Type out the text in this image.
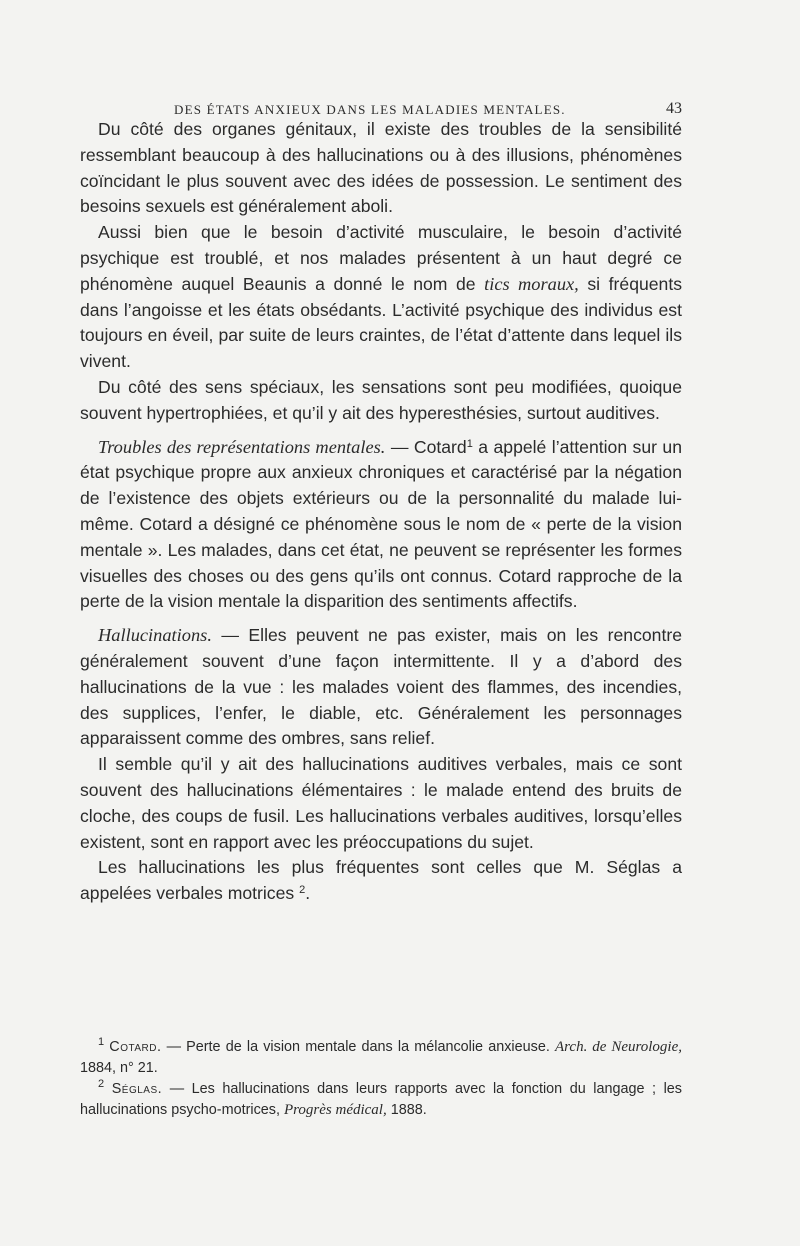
DES ÉTATS ANXIEUX DANS LES MALADIES MENTALES.	43

Du côté des organes génitaux, il existe des troubles de la sensibilité ressemblant beaucoup à des hallucinations ou à des illusions, phénomènes coïncidant le plus souvent avec des idées de possession. Le sentiment des besoins sexuels est généralement aboli.

Aussi bien que le besoin d’activité musculaire, le besoin d’activité psychique est troublé, et nos malades présentent à un haut degré ce phénomène auquel Beaunis a donné le nom de tics moraux, si fréquents dans l’angoisse et les états obsédants. L’activité psychique des individus est toujours en éveil, par suite de leurs craintes, de l’état d’attente dans lequel ils vivent.

Du côté des sens spéciaux, les sensations sont peu modifiées, quoique souvent hypertrophiées, et qu’il y ait des hyperesthésies, surtout auditives.

Troubles des représentations mentales. — Cotard$^1$ a appelé l’attention sur un état psychique propre aux anxieux chroniques et caractérisé par la négation de l’existence des objets extérieurs ou de la personnalité du malade lui-même. Cotard a désigné ce phénomène sous le nom de « perte de la vision mentale ». Les malades, dans cet état, ne peuvent se représenter les formes visuelles des choses ou des gens qu’ils ont connus. Cotard rapproche de la perte de la vision mentale la disparition des sentiments affectifs.

Hallucinations. — Elles peuvent ne pas exister, mais on les rencontre généralement souvent d’une façon intermittente. Il y a d’abord des hallucinations de la vue : les malades voient des flammes, des incendies, des supplices, l’enfer, le diable, etc. Généralement les personnages apparaissent comme des ombres, sans relief.

Il semble qu’il y ait des hallucinations auditives verbales, mais ce sont souvent des hallucinations élémentaires : le malade entend des bruits de cloche, des coups de fusil. Les hallucinations verbales auditives, lorsqu’elles existent, sont en rapport avec les préoccupations du sujet.

Les hallucinations les plus fréquentes sont celles que M. Séglas a appelées verbales motrices $^2$.

$^1$ Cotard. — Perte de la vision mentale dans la mélancolie anxieuse. Arch. de Neurologie, 1884, n° 21.

$^2$ Séglas. — Les hallucinations dans leurs rapports avec la fonction du langage ; les hallucinations psycho-motrices, Progrès médical, 1888.
